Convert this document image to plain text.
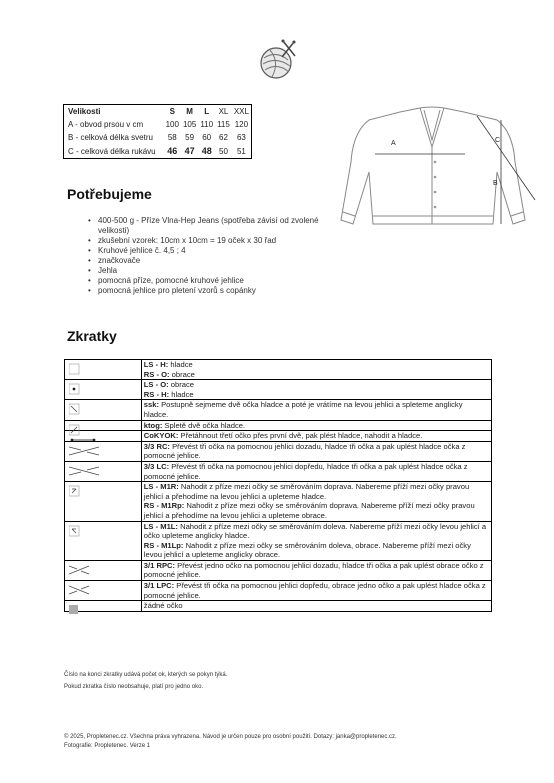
Velikosti	S	M	L	XL	XXL
A - obvod prsou v cm	100	105	110	115	120
B - celková délka svetru	58	59	60	62	63
C - celková délka rukávu	46	47	48	50	51
A
B
C
Potřebujeme
• 400-500 g - Příze Vlna-Hep Jeans (spotřeba závisí od zvolené velikosti)
• zkušební vzorek: 10cm x 10cm = 19 oček x 30 řad
• Kruhové jehlice č. 4,5 ; 4
• značkovače
• Jehla
• pomocná příze, pomocné kruhové jehlice
• pomocná jehlice pro pletení vzorů s copánky
Zkratky

LS - H: hladce
RS - O: obrace

LS - O: obrace
RS - H: hladce

ssk: Postupně sejmeme dvě očka hladce a poté je vrátíme na levou jehlici a spleteme anglicky hladce.

ktog: Spletě dvě očka hladce.

CoKYOK: Přetáhnout třetí očko přes první dvě, pak plést hladce, nahodit a hladce.

3/3 RC: Převést tři očka na pomocnou jehlici dozadu, hladce tři očka a pak uplést hladce očka z pomocné jehlice.

3/3 LC: Převést tři očka na pomocnou jehlici dopředu, hladce tři očka a pak uplést hladce očka z pomocné jehlice.

LS - M1R: Nahodit z příze mezi očky se směrováním doprava. Nabereme příží mezi očky pravou jehlicí a přehodíme na levou jehlici a upleteme hladce.
RS - M1Rp: Nahodit z příze mezi očky se směrováním doprava. Nabereme příží mezi očky pravou jehlicí a přehodíme na levou jehlici a upleteme obrace.

LS - M1L: Nahodit z příze mezi očky se směrováním doleva. Nabereme příží mezi očky levou jehlicí a očko upleteme anglicky hladce.
RS - M1Lp: Nahodit z příze mezi očky se směrováním doleva, obrace. Nabereme příží mezi očky levou jehlicí a upleteme anglicky obrace.

3/1 RPC: Převést jedno očko na pomocnou jehlici dozadu, hladce tři očka a pak uplést obrace očko z pomocné jehlice.

3/1 LPC: Převést tři očka na pomocnou jehlici dopředu, obrace jedno očko a pak uplést hladce očka z pomocné jehlice.

žádné očko
Číslo na konci zkratky udává počet ok, kterých se pokyn týká.
Pokud zkratka číslo neobsahuje, platí pro jedno oko.
© 2025, Propletenec.cz. Všechna práva vyhrazena. Návod je určen pouze pro osobní použití. Dotazy: janka@propletenec.cz.
Fotografie: Propletenec. Verze 1
